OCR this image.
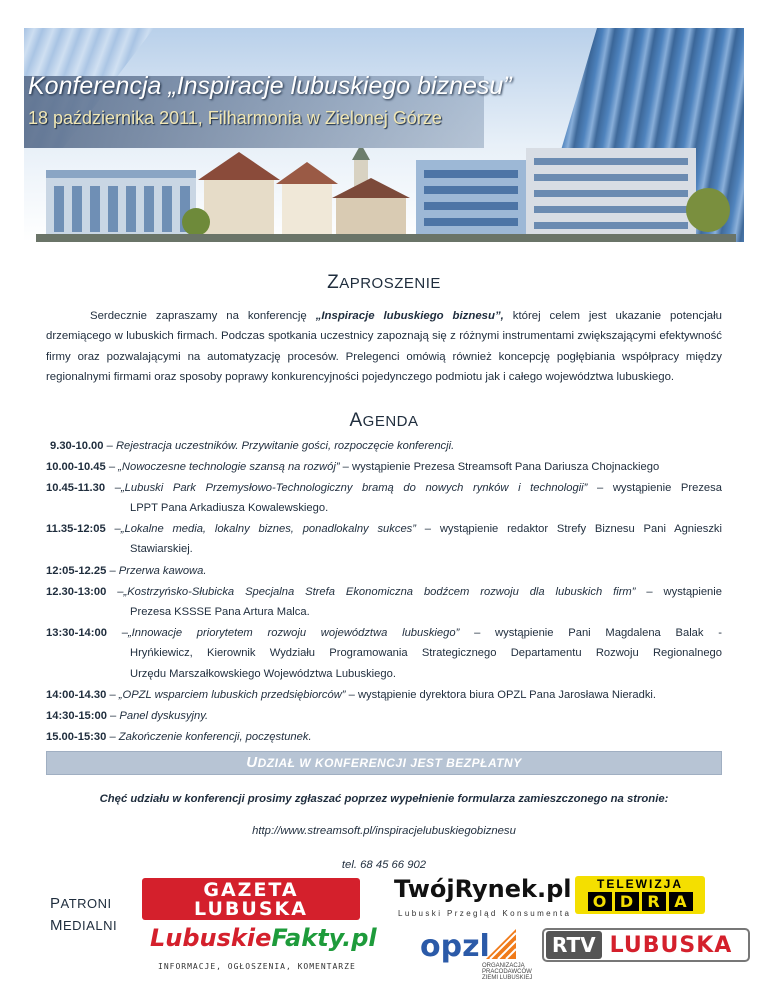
Konferencja „Inspiracje lubuskiego biznesu”
18 października 2011, Filharmonia w Zielonej Górze
ZAPROSZENIE
Serdecznie zapraszamy na konferencję „Inspiracje lubuskiego biznesu”, której celem jest ukazanie potencjału drzemiącego w lubuskich firmach. Podczas spotkania uczestnicy zapoznają się z różnymi instrumentami zwiększającymi efektywność firmy oraz pozwalającymi na automatyzację procesów. Prelegenci omówią również koncepcję pogłębiania współpracy między regionalnymi firmami oraz sposoby poprawy konkurencyjności pojedynczego podmiotu jak i całego województwa lubuskiego.
AGENDA
9.30-10.00 – Rejestracja uczestników. Przywitanie gości, rozpoczęcie konferencji.
10.00-10.45 – „Nowoczesne technologie szansą na rozwój” – wystąpienie Prezesa Streamsoft Pana Dariusza Chojnackiego
10.45-11.30 –„Lubuski Park Przemysłowo-Technologiczny bramą do nowych rynków i technologii” – wystąpienie Prezesa
LPPT Pana Arkadiusza Kowalewskiego.
11.35-12:05 –„Lokalne media, lokalny biznes, ponadlokalny sukces” – wystąpienie redaktor Strefy Biznesu Pani Agnieszki
Stawiarskiej.
12:05-12.25 – Przerwa kawowa.
12.30-13:00 –„Kostrzyńsko-Słubicka Specjalna Strefa Ekonomiczna bodźcem rozwoju dla lubuskich firm” – wystąpienie
Prezesa KSSSE Pana Artura Malca.
13:30-14:00 –„Innowacje priorytetem rozwoju województwa lubuskiego” – wystąpienie Pani Magdalena Balak -
Hryńkiewicz, Kierownik Wydziału Programowania Strategicznego Departamentu Rozwoju Regionalnego
Urzędu Marszałkowskiego Województwa Lubuskiego.
14:00-14.30 – „OPZL wsparciem lubuskich przedsiębiorców” – wystąpienie dyrektora biura OPZL Pana Jarosława Nieradki.
14:30-15:00 – Panel dyskusyjny.
15.00-15:30 – Zakończenie konferencji, poczęstunek.
UDZIAŁ W KONFERENCJI JEST BEZPŁATNY
Chęć udziału w konferencji prosimy zgłaszać poprzez wypełnienie formularza zamieszczonego na stronie:
http://www.streamsoft.pl/inspiracjelubuskiegobiznesu
tel. 68 45 66 902
PATRONI
MEDIALNI
GAZETA
LUBUSKA
LubuskieFakty.pl
INFORMACJE, OGŁOSZENIA, KOMENTARZE
TwójRynek.pl
Lubuski Przegląd Konsumenta
opzl
ORGANIZACJA PRACODAWCÓW ZIEMI LUBUSKIEJ
TELEWIZJA
O D R A
RTV LUBUSKA
